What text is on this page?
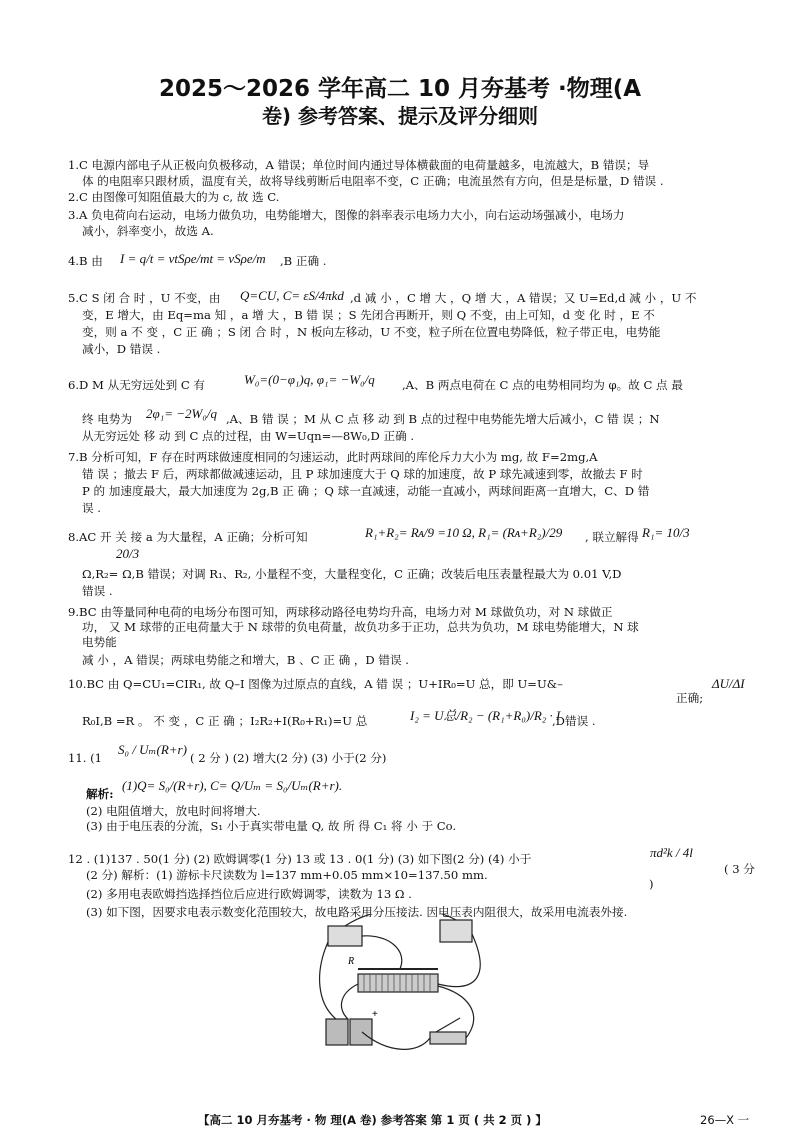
2025～2026 学年高二 10 月夯基考 ·物理(A
卷) 参考答案、提示及评分细则
1.C 电源内部电子从正极向负极移动，A 错误；单位时间内通过导体横截面的电荷量越多，电流越大，B 错误；导
体 的电阻率只跟材质，温度有关，故将导线剪断后电阻率不变，C 正确；电流虽然有方向，但是是标量，D 错误 .
2.C 由图像可知阻值最大的为 c, 故 选 C.
3.A 负电荷向右运动，电场力做负功，电势能增大，图像的斜率表示电场力大小，向右运动场强减小，电场力
减小，斜率变小，故选 A.
4.B 由 I = q/t = vtSρe/mt = vSρe/m ,B 正确 .
5.C S 闭 合 时 ，U 不变，由 Q=CU, C= εS/4πkd ,d 减 小 ，C 增 大 ，Q 增 大 ，A 错误；又 U=Ed,d 减 小 ，U 不
变，E 增大，由 Eq=ma 知 ，a 增 大 ，B 错 误 ；S 先闭合再断开，则 Q 不变，由上可知，d 变 化 时 ，E 不
变，则 a 不 变 ，C 正 确 ；S 闭 合 时 ，N 板向左移动，U 不变，粒子所在位置电势降低，粒子带正电，电势能
减小，D 错误 .
6.D M 从无穷远处到 C 有	W₀=(0−φ₁)q, φ₁= −W₀/q ,A、B 两点电荷在 C 点的电势相同均为 φ。故 C 点 最
终 电势为 2φ₁= −2W₀/q ,A、B 错 误 ；M 从 C 点 移 动 到 B 点的过程中电势能先增大后减小，C 错 误 ；N
从无穷远处 移 动 到 C 点的过程，由 W=Uqn=—8W₀,D 正确 .
7.B 分析可知，F 存在时两球做速度相同的匀速运动，此时两球间的库伦斥力大小为 mg, 故 F=2mg,A
错 误 ；撤去 F 后，两球都做减速运动，且 P 球加速度大于 Q 球的加速度，故 P 球先减速到零，故撤去 F 时
P 的 加速度最大，最大加速度为 2g,B 正 确 ；Q 球一直减速，动能一直减小，两球间距离一直增大，C、D 错
误 .
8.AC 开 关 接 a 为大量程，A 正确；分析可知	R₁+R₂= Rᴀ/9 =10 Ω, R₁= (Rᴀ+R₂)/29 , 联立解得 R₁= 10/3
20/3
Ω,R₂= Ω,B 错误；对调 R₁、R₂, 小量程不变，大量程变化，C 正确；改装后电压表量程最大为 0.01 V,D
错误 .
9.BC 由等量同种电荷的电场分布图可知，两球移动路径电势均升高，电场力对 M 球做负功，对 N 球做正
功， 又 M 球带的正电荷量大于 N 球带的负电荷量，故负功多于正功，总共为负功，M 球电势能增大，N 球
电势能
减 小 ，A 错误；两球电势能之和增大，B 、C 正 确 ，D 错误 .
10.BC 由 Q=CU₁=CIR₁, 故 Q–I 图像为过原点的直线，A 错 误 ；U+IR₀=U 总，即 U=U&–
正确;
ΔU/ΔI
R₀I,B =R 。 不 变 ，C 正 确 ；I₂R₂+I(R₀+R₁)=U 总	I₂ = U总/R₂ − (R₁+R₀)/R₂ · I
,D错误 .
11. (1
S₀ / Uₘ(R+r)
( 2 分 ) (2) 增大(2 分) (3) 小于(2 分)
解析:
(1)Q= S₀/(R+r), C= Q/Uₘ = S₀/Uₘ(R+r).
(2) 电阻值增大，放电时间将增大.
(3) 由于电压表的分流，S₁ 小于真实带电量 Q, 故 所 得 C₁ 将 小 于 Co.
12 . (1)137 . 50(1 分) (2) 欧姆调零(1 分) 13 或 13 . 0(1 分) (3) 如下图(2 分) (4) 小于	πd²k / 4l
( 3 分
(2 分) 解析：(1) 游标卡尺读数为 l=137 mm+0.05 mm×10=137.50 mm.
)
(2) 多用电表欧姆挡选择挡位后应进行欧姆调零，读数为 13 Ω .
(3) 如下图，因要求电表示数变化范围较大，故电路采用分压接法. 因电压表内阻很大，故采用电流表外接.
R
+
【高二 10 月夯基考 · 物 理(A 卷) 参考答案 第 1 页 ( 共 2 页 ) 】	26—X 一
